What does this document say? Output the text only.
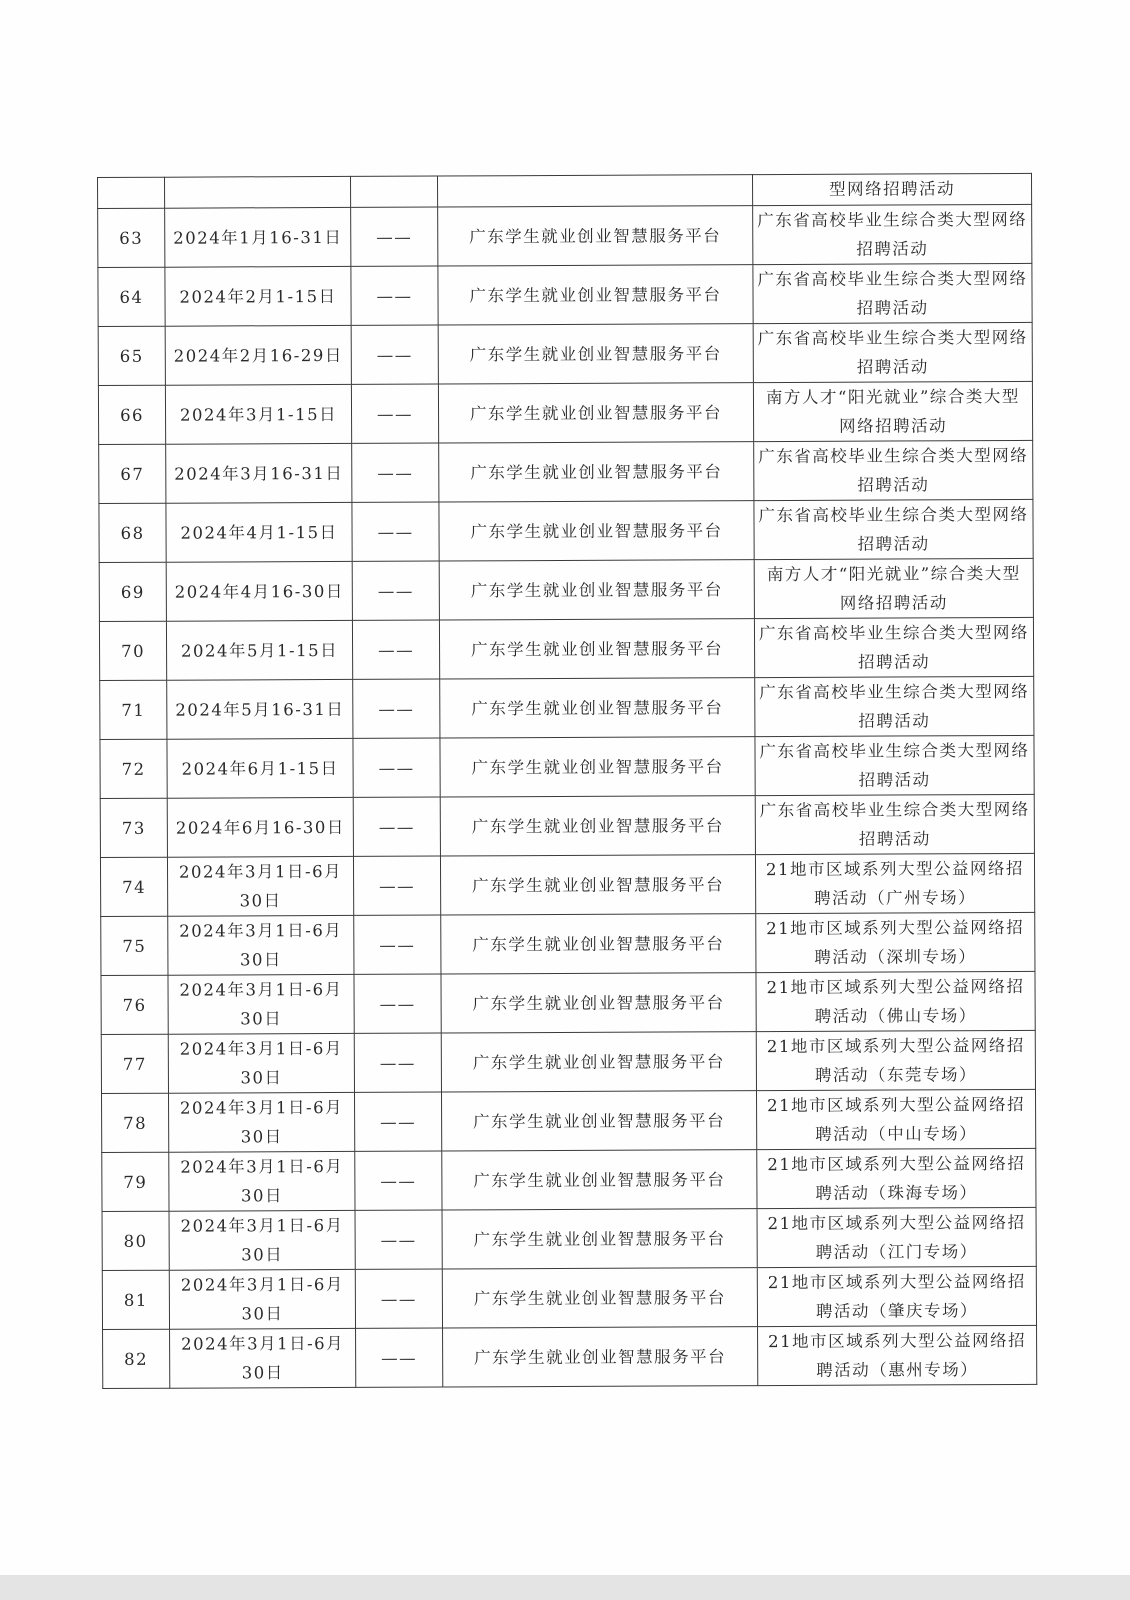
				型网络招聘活动
63	2024年1月16-31日	——	广东学生就业创业智慧服务平台	广东省高校毕业生综合类大型网络招聘活动
64	2024年2月1-15日	——	广东学生就业创业智慧服务平台	广东省高校毕业生综合类大型网络招聘活动
65	2024年2月16-29日	——	广东学生就业创业智慧服务平台	广东省高校毕业生综合类大型网络招聘活动
66	2024年3月1-15日	——	广东学生就业创业智慧服务平台	南方人才“阳光就业”综合类大型网络招聘活动
67	2024年3月16-31日	——	广东学生就业创业智慧服务平台	广东省高校毕业生综合类大型网络招聘活动
68	2024年4月1-15日	——	广东学生就业创业智慧服务平台	广东省高校毕业生综合类大型网络招聘活动
69	2024年4月16-30日	——	广东学生就业创业智慧服务平台	南方人才“阳光就业”综合类大型网络招聘活动
70	2024年5月1-15日	——	广东学生就业创业智慧服务平台	广东省高校毕业生综合类大型网络招聘活动
71	2024年5月16-31日	——	广东学生就业创业智慧服务平台	广东省高校毕业生综合类大型网络招聘活动
72	2024年6月1-15日	——	广东学生就业创业智慧服务平台	广东省高校毕业生综合类大型网络招聘活动
73	2024年6月16-30日	——	广东学生就业创业智慧服务平台	广东省高校毕业生综合类大型网络招聘活动
74	2024年3月1日-6月30日	——	广东学生就业创业智慧服务平台	21地市区域系列大型公益网络招聘活动（广州专场）
75	2024年3月1日-6月30日	——	广东学生就业创业智慧服务平台	21地市区域系列大型公益网络招聘活动（深圳专场）
76	2024年3月1日-6月30日	——	广东学生就业创业智慧服务平台	21地市区域系列大型公益网络招聘活动（佛山专场）
77	2024年3月1日-6月30日	——	广东学生就业创业智慧服务平台	21地市区域系列大型公益网络招聘活动（东莞专场）
78	2024年3月1日-6月30日	——	广东学生就业创业智慧服务平台	21地市区域系列大型公益网络招聘活动（中山专场）
79	2024年3月1日-6月30日	——	广东学生就业创业智慧服务平台	21地市区域系列大型公益网络招聘活动（珠海专场）
80	2024年3月1日-6月30日	——	广东学生就业创业智慧服务平台	21地市区域系列大型公益网络招聘活动（江门专场）
81	2024年3月1日-6月30日	——	广东学生就业创业智慧服务平台	21地市区域系列大型公益网络招聘活动（肇庆专场）
82	2024年3月1日-6月30日	——	广东学生就业创业智慧服务平台	21地市区域系列大型公益网络招聘活动（惠州专场）
